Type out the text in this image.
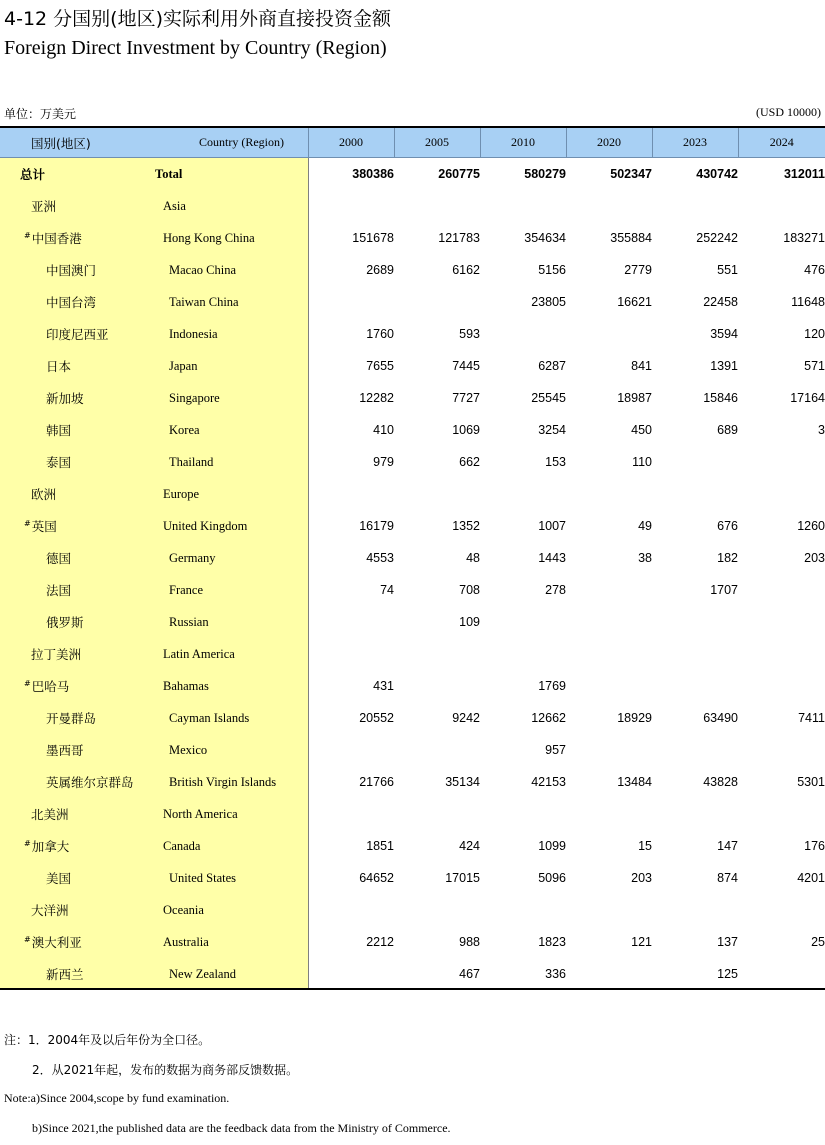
4-12 分国别(地区)实际利用外商直接投资金额
Foreign Direct Investment by Country (Region)
单位：万美元	(USD 10000)
国别(地区)	Country (Region)	2000	2005	2010	2020	2023	2024
总计	Total	380386	260775	580279	502347	430742	312011
亚洲	Asia						
#中国香港	Hong Kong China	151678	121783	354634	355884	252242	183271
中国澳门	Macao China	2689	6162	5156	2779	551	476
中国台湾	Taiwan China			23805	16621	22458	11648
印度尼西亚	Indonesia	1760	593			3594	120
日本	Japan	7655	7445	6287	841	1391	571
新加坡	Singapore	12282	7727	25545	18987	15846	17164
韩国	Korea	410	1069	3254	450	689	3
泰国	Thailand	979	662	153	110		
欧洲	Europe						
#英国	United Kingdom	16179	1352	1007	49	676	1260
德国	Germany	4553	48	1443	38	182	203
法国	France	74	708	278		1707	
俄罗斯	Russian		109				
拉丁美洲	Latin America						
#巴哈马	Bahamas	431		1769			
开曼群岛	Cayman Islands	20552	9242	12662	18929	63490	7411
墨西哥	Mexico			957			
英属维尔京群岛	British Virgin Islands	21766	35134	42153	13484	43828	5301
北美洲	North America						
#加拿大	Canada	1851	424	1099	15	147	176
美国	United States	64652	17015	5096	203	874	4201
大洋洲	Oceania						
#澳大利亚	Australia	2212	988	1823	121	137	25
新西兰	New Zealand		467	336		125	
注：1．2004年及以后年份为全口径。
2．从2021年起，发布的数据为商务部反馈数据。
Note:a)Since 2004,scope by fund examination.
b)Since 2021,the published data are the feedback data from the Ministry of Commerce.
